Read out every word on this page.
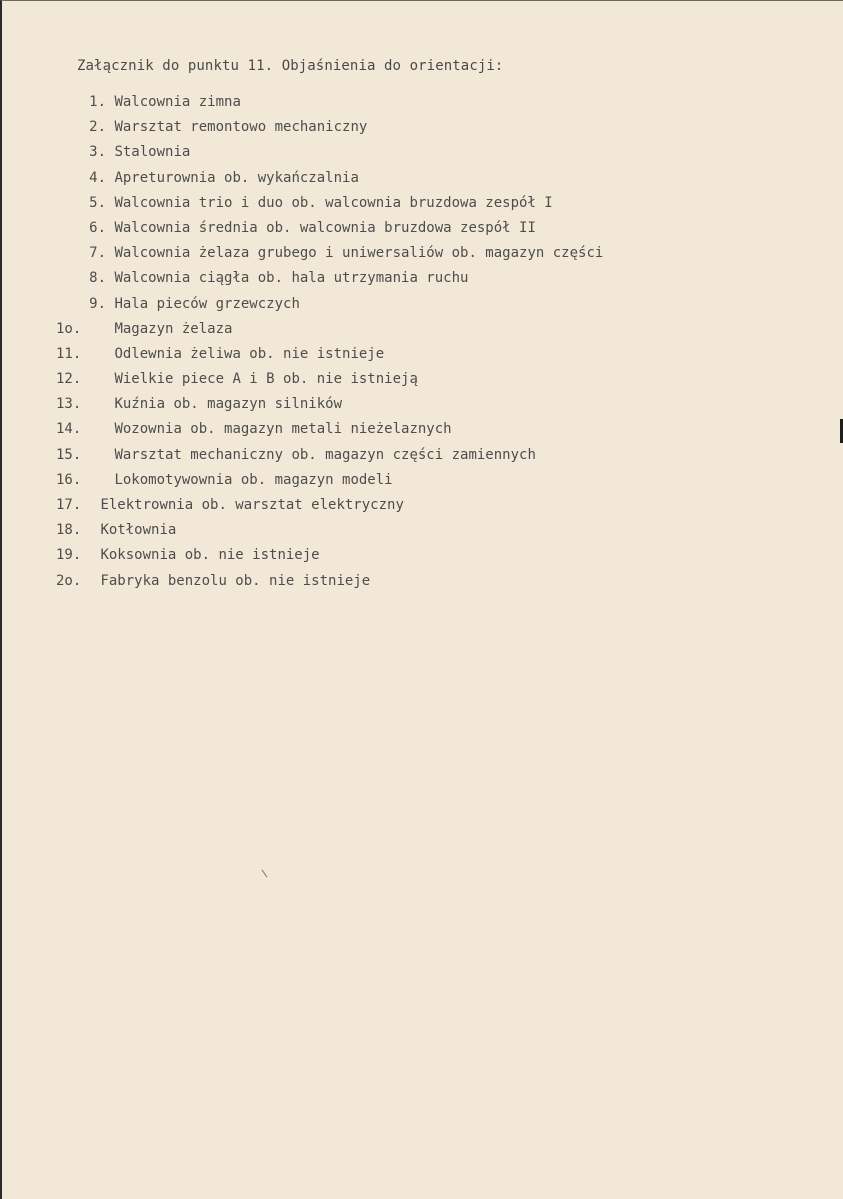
Załącznik do punktu 11. Objaśnienia do orientacji:
1. Walcownia zimna
2. Warsztat remontowo mechaniczny
3. Stalownia
4. Apreturownia ob. wykańczalnia
5. Walcownia trio i duo ob. walcownia bruzdowa zespół I
6. Walcownia średnia ob. walcownia bruzdowa zespół II
7. Walcownia żelaza grubego i uniwersaliów ob. magazyn części
8. Walcownia ciągła ob. hala utrzymania ruchu
9. Hala pieców grzewczych
1o. Magazyn żelaza
11. Odlewnia żeliwa ob. nie istnieje
12. Wielkie piece A i B ob. nie istnieją
13. Kuźnia ob. magazyn silników
14. Wozownia ob. magazyn metali nieżelaznych
15. Warsztat mechaniczny ob. magazyn części zamiennych
16. Lokomotywownia ob. magazyn modeli
17. Elektrownia ob. warsztat elektryczny
18. Kotłownia
19. Koksownia ob. nie istnieje
2o. Fabryka benzolu ob. nie istnieje
